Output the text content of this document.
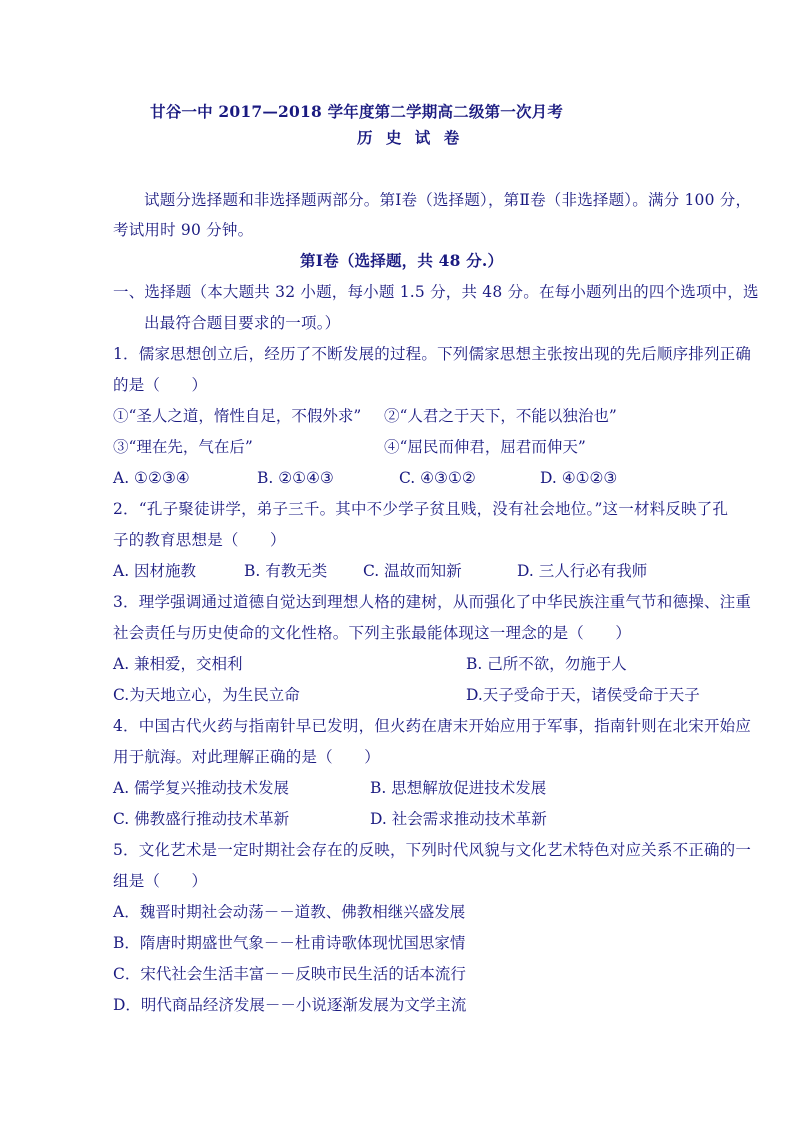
甘谷一中 2017—2018 学年度第二学期高二级第一次月考
历 史 试 卷
试题分选择题和非选择题两部分。第Ⅰ卷（选择题），第Ⅱ卷（非选择题）。满分 100 分，
考试用时 90 分钟。
第Ⅰ卷（选择题，共 48 分.）
一、选择题（本大题共 32 小题，每小题 1.5 分，共 48 分。在每小题列出的四个选项中，选
出最符合题目要求的一项。）
1．儒家思想创立后，经历了不断发展的过程。下列儒家思想主张按出现的先后顺序排列正确
的是（　　）
①“圣人之道，惰性自足，不假外求” ②“人君之于天下，不能以独治也”
③“理在先，气在后”	④“屈民而伸君，屈君而伸天”
A. ①②③④	B. ②①④③	C. ④③①②	D. ④①②③
2．“孔子聚徒讲学，弟子三千。其中不少学子贫且贱，没有社会地位。”这一材料反映了孔
子的教育思想是（　　）
A. 因材施教	B. 有教无类 C. 温故而知新	D. 三人行必有我师
3．理学强调通过道德自觉达到理想人格的建树，从而强化了中华民族注重气节和德操、注重
社会责任与历史使命的文化性格。下列主张最能体现这一理念的是（　　）
A. 兼相爱，交相利	B. 己所不欲，勿施于人
C.为天地立心，为生民立命	D.天子受命于天，诸侯受命于天子
4．中国古代火药与指南针早已发明，但火药在唐末开始应用于军事，指南针则在北宋开始应
用于航海。对此理解正确的是（　　）
A. 儒学复兴推动技术发展	B. 思想解放促进技术发展
C. 佛教盛行推动技术革新	D. 社会需求推动技术革新
5．文化艺术是一定时期社会存在的反映，下列时代风貌与文化艺术特色对应关系不正确的一
组是（　　）
A．魏晋时期社会动荡－－道教、佛教相继兴盛发展
B．隋唐时期盛世气象－－杜甫诗歌体现忧国思家情
C．宋代社会生活丰富－－反映市民生活的话本流行
D．明代商品经济发展－－小说逐渐发展为文学主流
